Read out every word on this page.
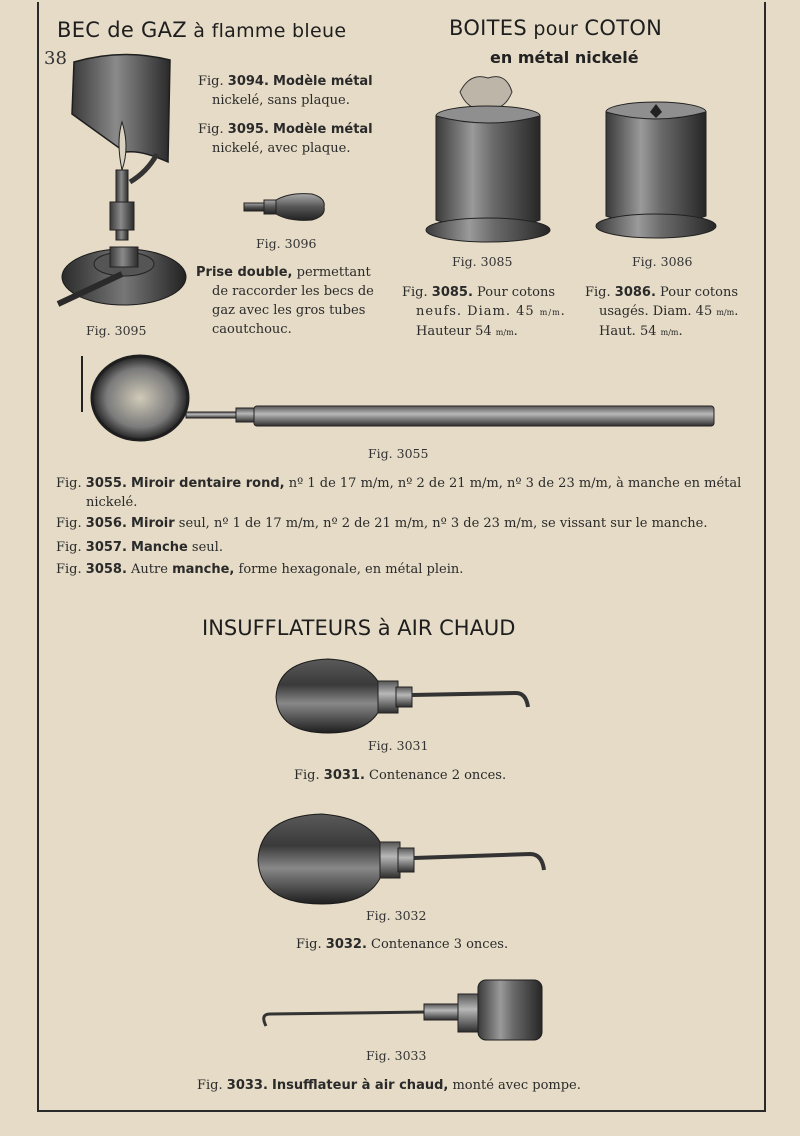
BEC de GAZ à flamme bleue
38
BOITES pour COTON
en métal nickelé
Fig. 3094. Modèle métal
nickelé, sans plaque.
Fig. 3095. Modèle métal
nickelé, avec plaque.
Fig. 3096
Prise double, permettant
de raccorder les becs de
gaz avec les gros tubes
caoutchouc.
Fig. 3095
Fig. 3085	Fig. 3086
Fig. 3085. Pour cotons
neufs. Diam. 45 m/m.
Hauteur 54 m/m.
Fig. 3086. Pour cotons
usagés. Diam. 45 m/m.
Haut. 54 m/m.
Fig. 3055
Fig. 3055. Miroir dentaire rond, nº 1 de 17 m/m, nº 2 de 21 m/m, nº 3 de 23 m/m, à manche en métal
nickelé.
Fig. 3056. Miroir seul, nº 1 de 17 m/m, nº 2 de 21 m/m, nº 3 de 23 m/m, se vissant sur le manche.
Fig. 3057. Manche seul.
Fig. 3058. Autre manche, forme hexagonale, en métal plein.
INSUFFLATEURS à AIR CHAUD
Fig. 3031
Fig. 3031. Contenance 2 onces.
Fig. 3032
Fig. 3032. Contenance 3 onces.
Fig. 3033
Fig. 3033. Insufflateur à air chaud, monté avec pompe.
